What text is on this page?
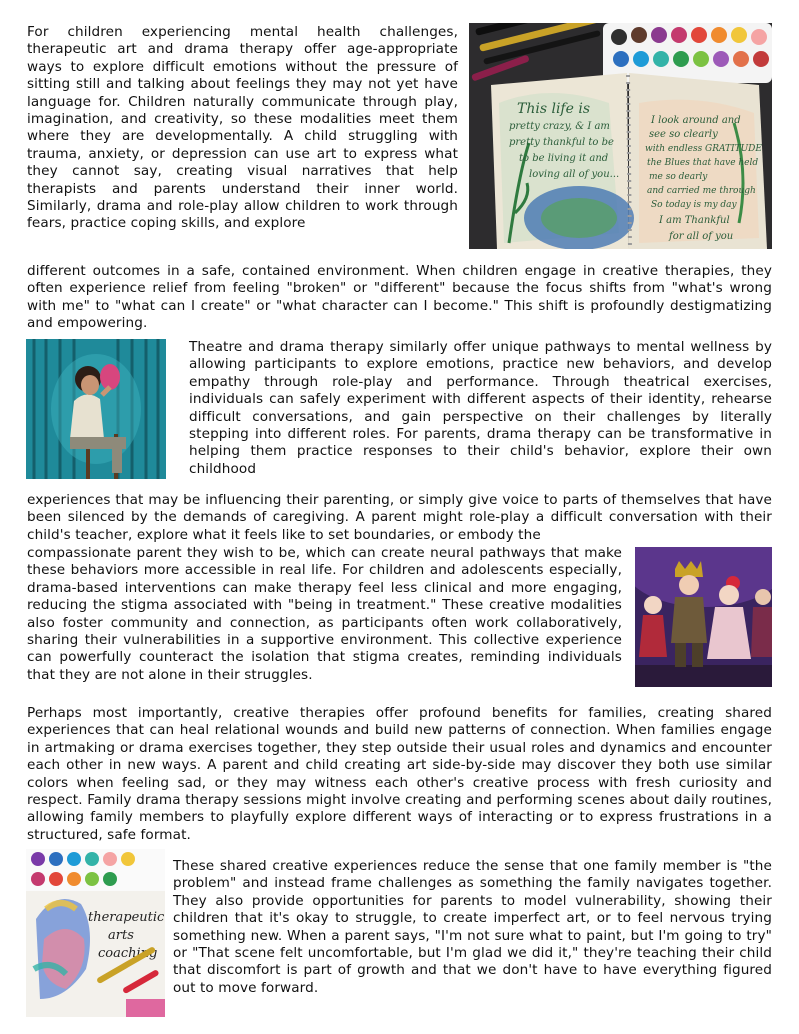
For children experiencing mental health challenges, therapeutic art and drama therapy offer age-appropriate ways to explore difficult emotions without the pressure of sitting still and talking about feelings they may not yet have language for. Children naturally communicate through play, imagination, and creativity, so these modalities meet them where they are developmentally. A child struggling with trauma, anxiety, or depression can use art to express what they cannot say, creating visual narratives that help therapists and parents understand their inner world. Similarly, drama and role-play allow children to work through fears, practice coping skills, and explore

This life is
pretty crazy, & I am
pretty thankful to be
to be living it and
loving all of you...
I look around and
see so clearly
with endless GRATITUDE
the Blues that have held
me so dearly
and carried me through
So today is my day
I am Thankful
for all of you

different outcomes in a safe, contained environment. When children engage in creative therapies, they often experience relief from feeling "broken" or "different" because the focus shifts from "what's wrong with me" to "what can I create" or "what character can I become." This shift is profoundly destigmatizing and empowering.

Theatre and drama therapy similarly offer unique pathways to mental wellness by allowing participants to explore emotions, practice new behaviors, and develop empathy through role-play and performance. Through theatrical exercises, individuals can safely experiment with different aspects of their identity, rehearse difficult conversations, and gain perspective on their challenges by literally stepping into different roles. For parents, drama therapy can be transformative in helping them practice responses to their child's behavior, explore their own childhood

experiences that may be influencing their parenting, or simply give voice to parts of themselves that have been silenced by the demands of caregiving. A parent might role-play a difficult conversation with their child's teacher, explore what it feels like to set boundaries, or embody the

compassionate parent they wish to be, which can create neural pathways that make these behaviors more accessible in real life. For children and adolescents especially, drama-based interventions can make therapy feel less clinical and more engaging, reducing the stigma associated with "being in treatment." These creative modalities also foster community and connection, as participants often work collaboratively, sharing their vulnerabilities in a supportive environment. This collective experience can powerfully counteract the isolation that stigma creates, reminding individuals that they are not alone in their struggles.

Perhaps most importantly, creative therapies offer profound benefits for families, creating shared experiences that can heal relational wounds and build new patterns of connection. When families engage in artmaking or drama exercises together, they step outside their usual roles and dynamics and encounter each other in new ways. A parent and child creating art side-by-side may discover they both use similar colors when feeling sad, or they may witness each other's creative process with fresh curiosity and respect. Family drama therapy sessions might involve creating and performing scenes about daily routines, allowing family members to playfully explore different ways of interacting or to express frustrations in a structured, safe format.

therapeutic
arts
coaching

These shared creative experiences reduce the sense that one family member is "the problem" and instead frame challenges as something the family navigates together. They also provide opportunities for parents to model vulnerability, showing their children that it's okay to struggle, to create imperfect art, or to feel nervous trying something new. When a parent says, "I'm not sure what to paint, but I'm going to try" or "That scene felt uncomfortable, but I'm glad we did it," they're teaching their child that discomfort is part of growth and that we don't have to have everything figured out to move forward.
